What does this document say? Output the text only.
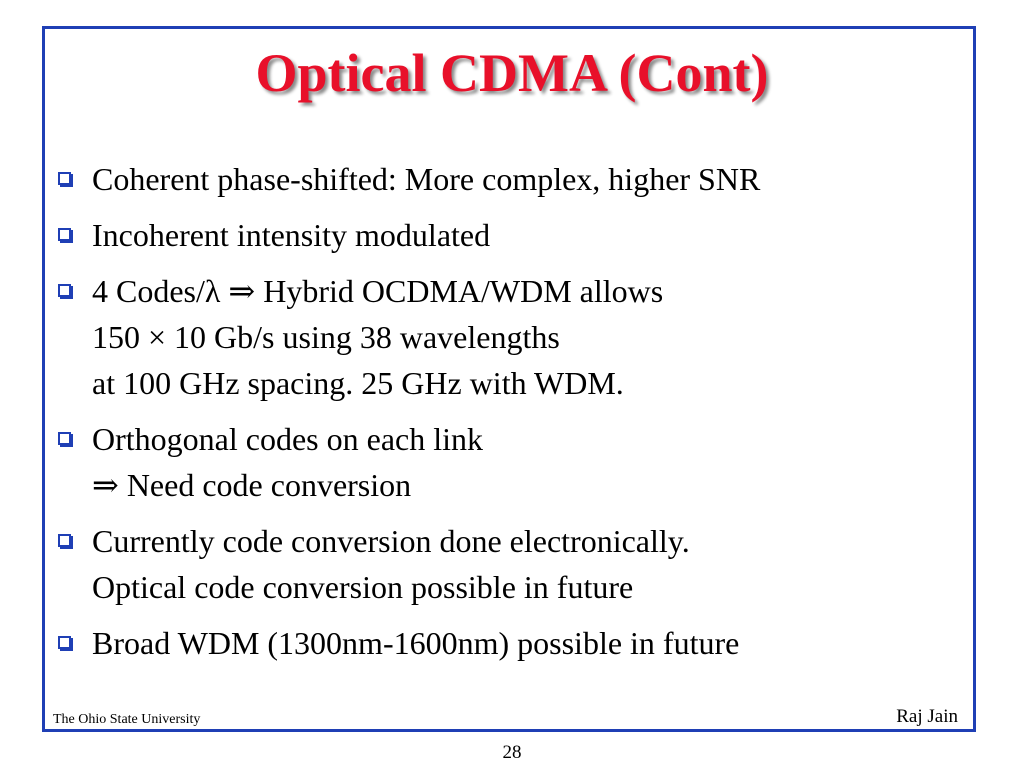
Optical CDMA (Cont)
Coherent phase-shifted: More complex, higher SNR
Incoherent intensity modulated
4 Codes/λ ⇒ Hybrid OCDMA/WDM allows
150 × 10 Gb/s using 38 wavelengths
at 100 GHz spacing. 25 GHz with WDM.
Orthogonal codes on each link
⇒ Need code conversion
Currently code conversion done electronically.
Optical code conversion possible in future
Broad WDM (1300nm-1600nm) possible in future
The Ohio State University	Raj Jain
28
